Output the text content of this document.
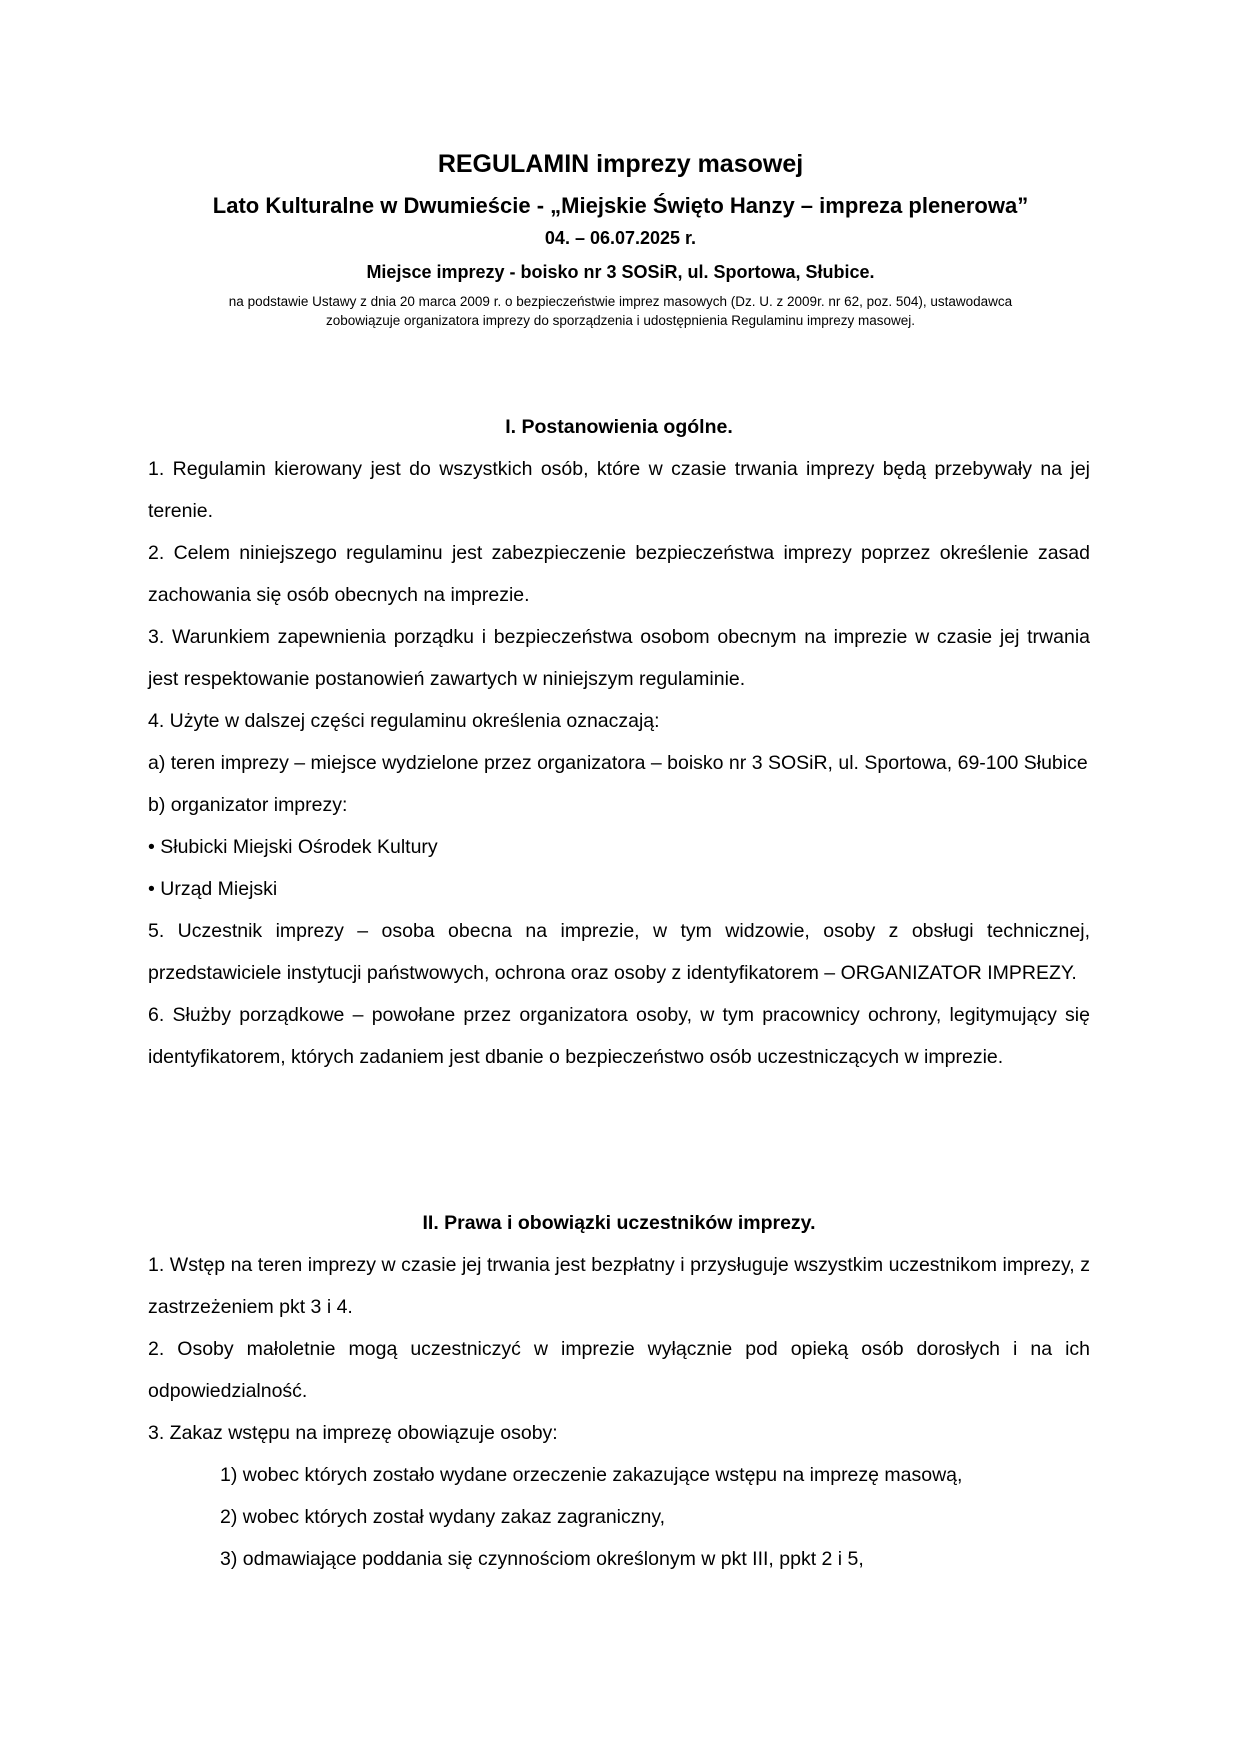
REGULAMIN imprezy masowej
Lato Kulturalne w Dwumieście - „Miejskie Święto Hanzy – impreza plenerowa”
04. – 06.07.2025 r.
Miejsce imprezy - boisko nr 3 SOSiR, ul. Sportowa, Słubice.
na podstawie Ustawy z dnia 20 marca 2009 r. o bezpieczeństwie imprez masowych (Dz. U. z 2009r. nr 62, poz. 504), ustawodawca
zobowiązuje organizatora imprezy do sporządzenia i udostępnienia Regulaminu imprezy masowej.

I. Postanowienia ogólne.

1. Regulamin kierowany jest do wszystkich osób, które w czasie trwania imprezy będą przebywały na jej terenie.

2. Celem niniejszego regulaminu jest zabezpieczenie bezpieczeństwa imprezy poprzez określenie zasad zachowania się osób obecnych na imprezie.

3. Warunkiem zapewnienia porządku i bezpieczeństwa osobom obecnym na imprezie w czasie jej trwania jest respektowanie postanowień zawartych w niniejszym regulaminie.

4. Użyte w dalszej części regulaminu określenia oznaczają:

a) teren imprezy – miejsce wydzielone przez organizatora – boisko nr 3 SOSiR, ul. Sportowa, 69-100 Słubice

b) organizator imprezy:

• Słubicki Miejski Ośrodek Kultury

• Urząd Miejski

5. Uczestnik imprezy – osoba obecna na imprezie, w tym widzowie, osoby z obsługi technicznej, przedstawiciele instytucji państwowych, ochrona oraz osoby z identyfikatorem – ORGANIZATOR IMPREZY.

6. Służby porządkowe – powołane przez organizatora osoby, w tym pracownicy ochrony, legitymujący się identyfikatorem, których zadaniem jest dbanie o bezpieczeństwo osób uczestniczących w imprezie.

II. Prawa i obowiązki uczestników imprezy.

1. Wstęp na teren imprezy w czasie jej trwania jest bezpłatny i przysługuje wszystkim uczestnikom imprezy, z zastrzeżeniem pkt 3 i 4.

2. Osoby małoletnie mogą uczestniczyć w imprezie wyłącznie pod opieką osób dorosłych i na ich odpowiedzialność.

3. Zakaz wstępu na imprezę obowiązuje osoby:

1) wobec których zostało wydane orzeczenie zakazujące wstępu na imprezę masową,

2) wobec których został wydany zakaz zagraniczny,

3) odmawiające poddania się czynnościom określonym w pkt III, ppkt 2 i 5,
